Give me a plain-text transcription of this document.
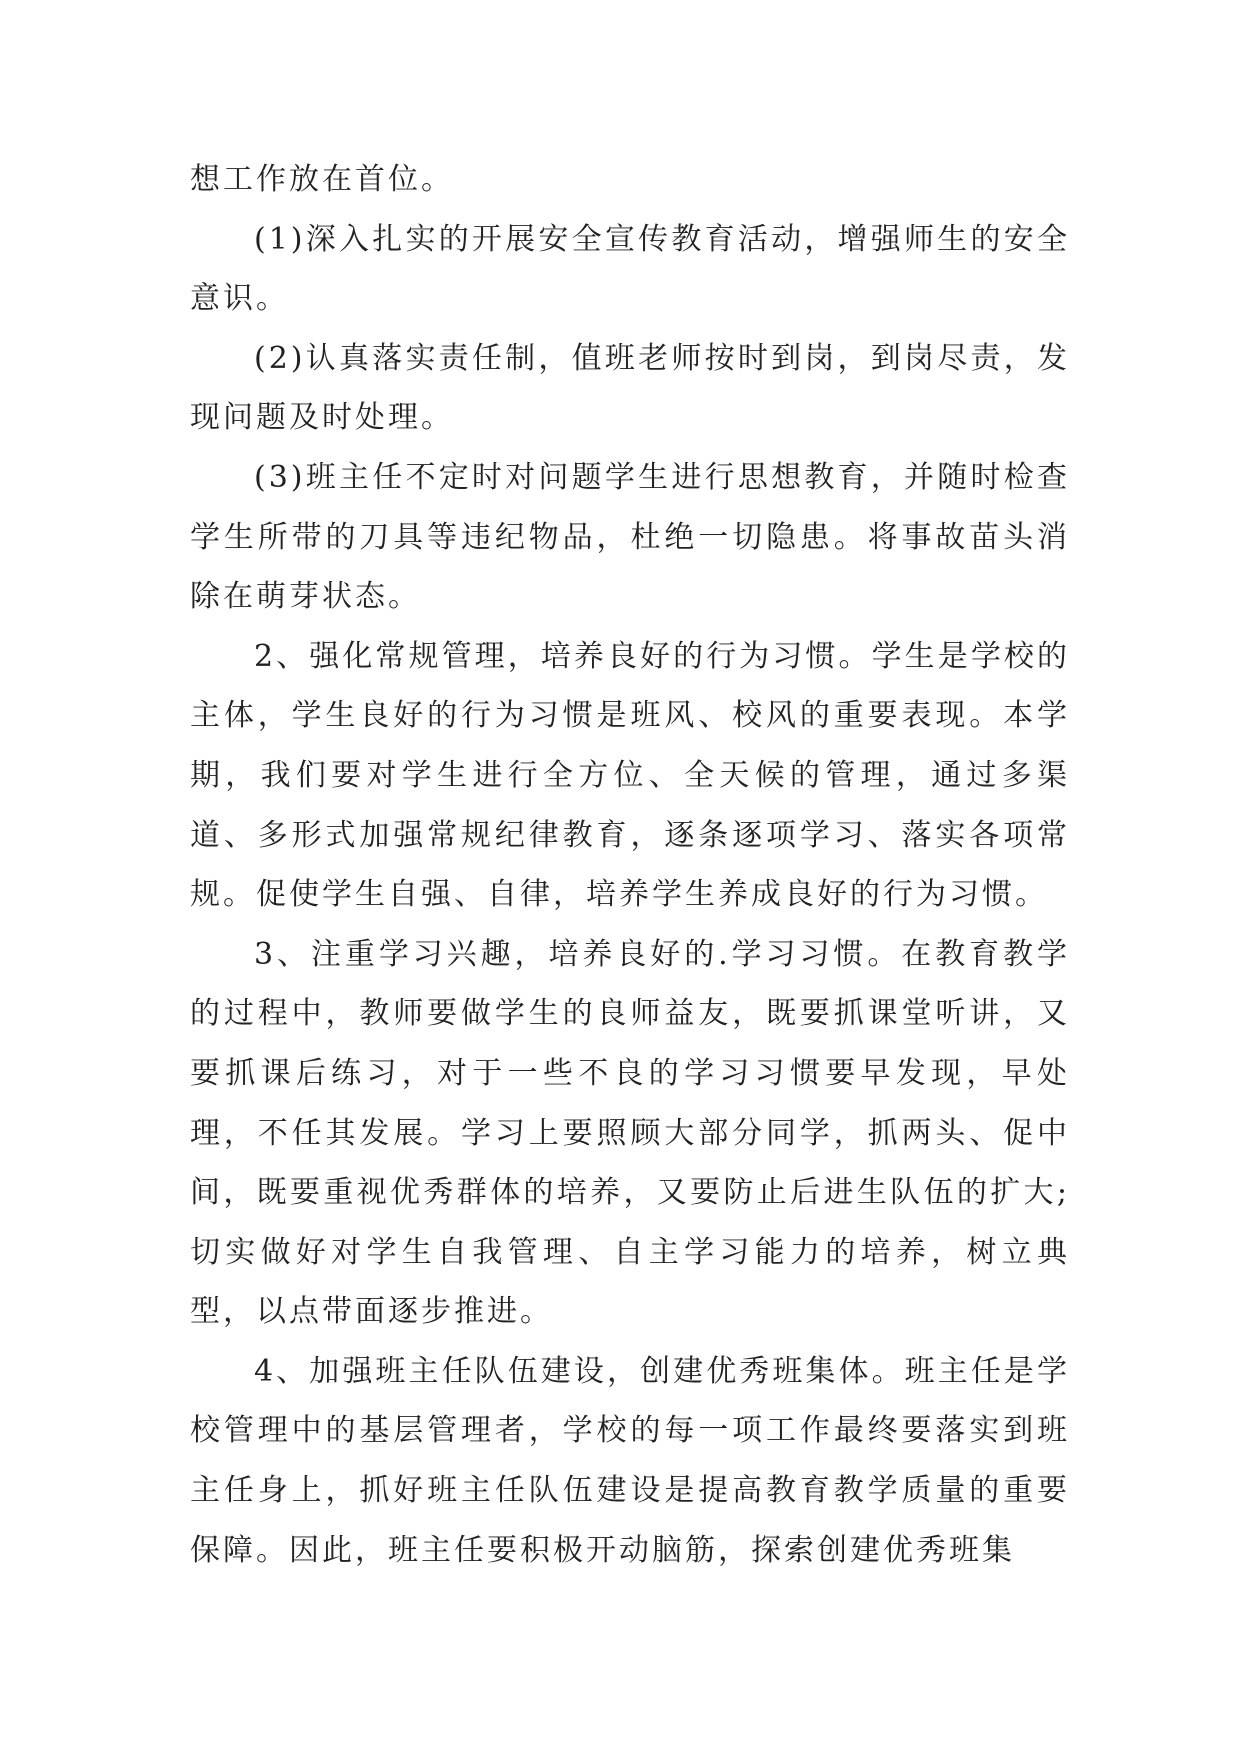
想工作放在首位。

(1)深入扎实的开展安全宣传教育活动，增强师生的安全意识。

(2)认真落实责任制，值班老师按时到岗，到岗尽责，发现问题及时处理。

(3)班主任不定时对问题学生进行思想教育，并随时检查学生所带的刀具等违纪物品，杜绝一切隐患。将事故苗头消除在萌芽状态。

2、强化常规管理，培养良好的行为习惯。学生是学校的主体，学生良好的行为习惯是班风、校风的重要表现。本学期，我们要对学生进行全方位、全天候的管理，通过多渠道、多形式加强常规纪律教育，逐条逐项学习、落实各项常规。促使学生自强、自律，培养学生养成良好的行为习惯。

3、注重学习兴趣，培养良好的.学习习惯。在教育教学的过程中，教师要做学生的良师益友，既要抓课堂听讲，又要抓课后练习，对于一些不良的学习习惯要早发现，早处理，不任其发展。学习上要照顾大部分同学，抓两头、促中间，既要重视优秀群体的培养，又要防止后进生队伍的扩大;切实做好对学生自我管理、自主学习能力的培养，树立典型，以点带面逐步推进。

4、加强班主任队伍建设，创建优秀班集体。班主任是学校管理中的基层管理者，学校的每一项工作最终要落实到班主任身上，抓好班主任队伍建设是提高教育教学质量的重要保障。因此，班主任要积极开动脑筋，探索创建优秀班集
